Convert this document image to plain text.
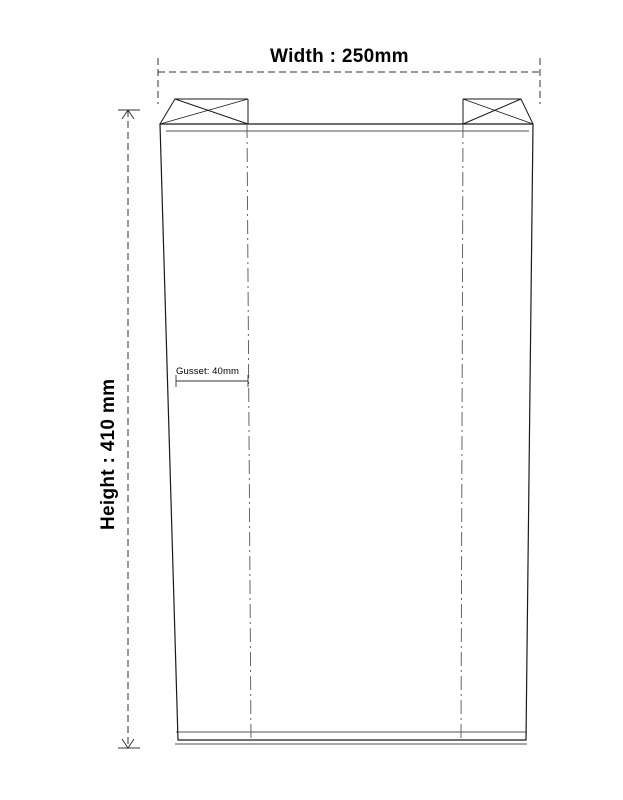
Width : 250mm
Height : 410 mm
Gusset: 40mm
